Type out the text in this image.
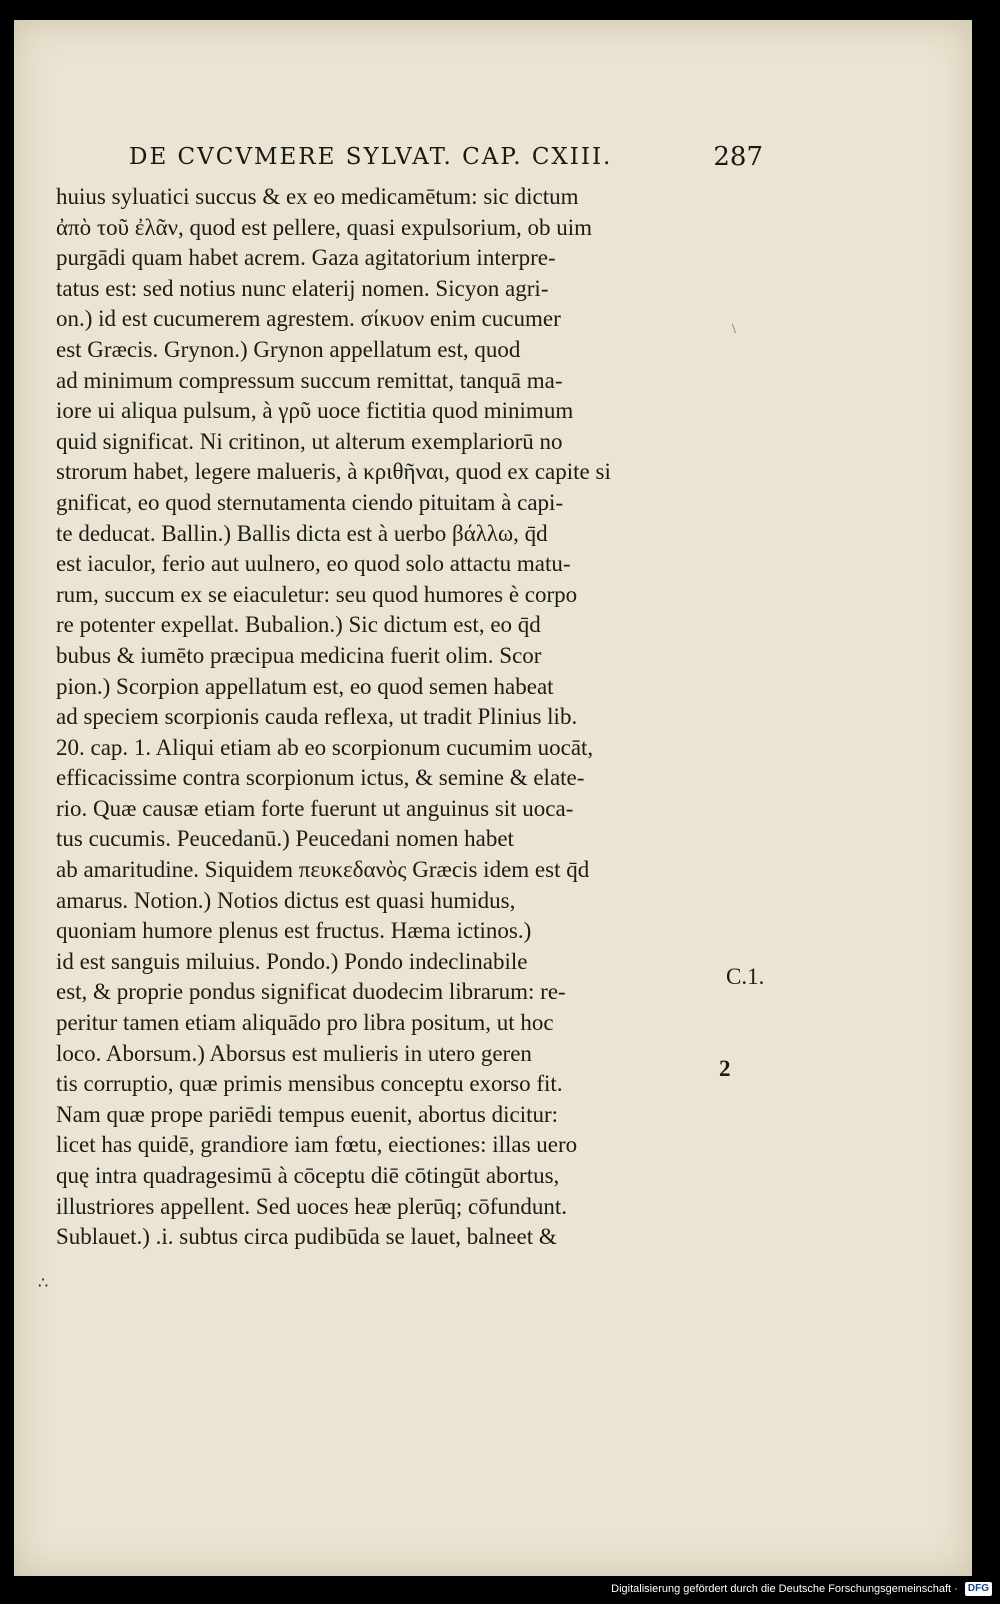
DE CVCVMERE SYLVAT. CAP. CXIII.	287
huius syluatici succus & ex eo medicamētum: sic dictum
ἀπὸ τοῦ ἐλᾶν, quod est pellere, quasi expulsorium, ob uim
purgādi quam habet acrem. Gaza agitatorium interpre-
tatus est: sed notius nunc elaterij nomen. Sicyon agri-
on.) id est cucumerem agrestem. σίκυον enim cucumer
est Græcis. Grynon.) Grynon appellatum est, quod
ad minimum compressum succum remittat, tanquā ma-
iore ui aliqua pulsum, à γρῦ uoce fictitia quod minimum
quid significat. Ni critinon, ut alterum exemplariorū no
strorum habet, legere malueris, à κριθῆναι, quod ex capite si
gnificat, eo quod sternutamenta ciendo pituitam à capi-
te deducat. Ballin.) Ballis dicta est à uerbo βάλλω, q̄d
est iaculor, ferio aut uulnero, eo quod solo attactu matu-
rum, succum ex se eiaculetur: seu quod humores è corpo
re potenter expellat. Bubalion.) Sic dictum est, eo q̄d
bubus & iumēto præcipua medicina fuerit olim. Scor
pion.) Scorpion appellatum est, eo quod semen habeat
ad speciem scorpionis cauda reflexa, ut tradit Plinius lib.
20. cap. 1. Aliqui etiam ab eo scorpionum cucumim uocāt,
efficacissime contra scorpionum ictus, & semine & elate-
rio. Quæ causæ etiam forte fuerunt ut anguinus sit uoca-
tus cucumis. Peucedanū.) Peucedani nomen habet
ab amaritudine. Siquidem πευκεδανὸς Græcis idem est q̄d
amarus. Notion.) Notios dictus est quasi humidus,
quoniam humore plenus est fructus. Hæma ictinos.)
id est sanguis miluius. Pondo.) Pondo indeclinabile
est, & proprie pondus significat duodecim librarum: re-
peritur tamen etiam aliquādo pro libra positum, ut hoc
loco. Aborsum.) Aborsus est mulieris in utero geren
tis corruptio, quæ primis mensibus conceptu exorso fit.
Nam quæ prope pariēdi tempus euenit, abortus dicitur:
licet has quidē, grandiore iam fœtu, eiectiones: illas uero
quę intra quadragesimū à cōceptu diē cōtingūt abortus,
illustriores appellent. Sed uoces heæ plerūq; cōfundunt.
Sublauet.) .i. subtus circa pudibūda se lauet, balneet &
\
C.1.
2
∴
Digitalisierung gefördert durch die Deutsche Forschungsgemeinschaft · DFG
